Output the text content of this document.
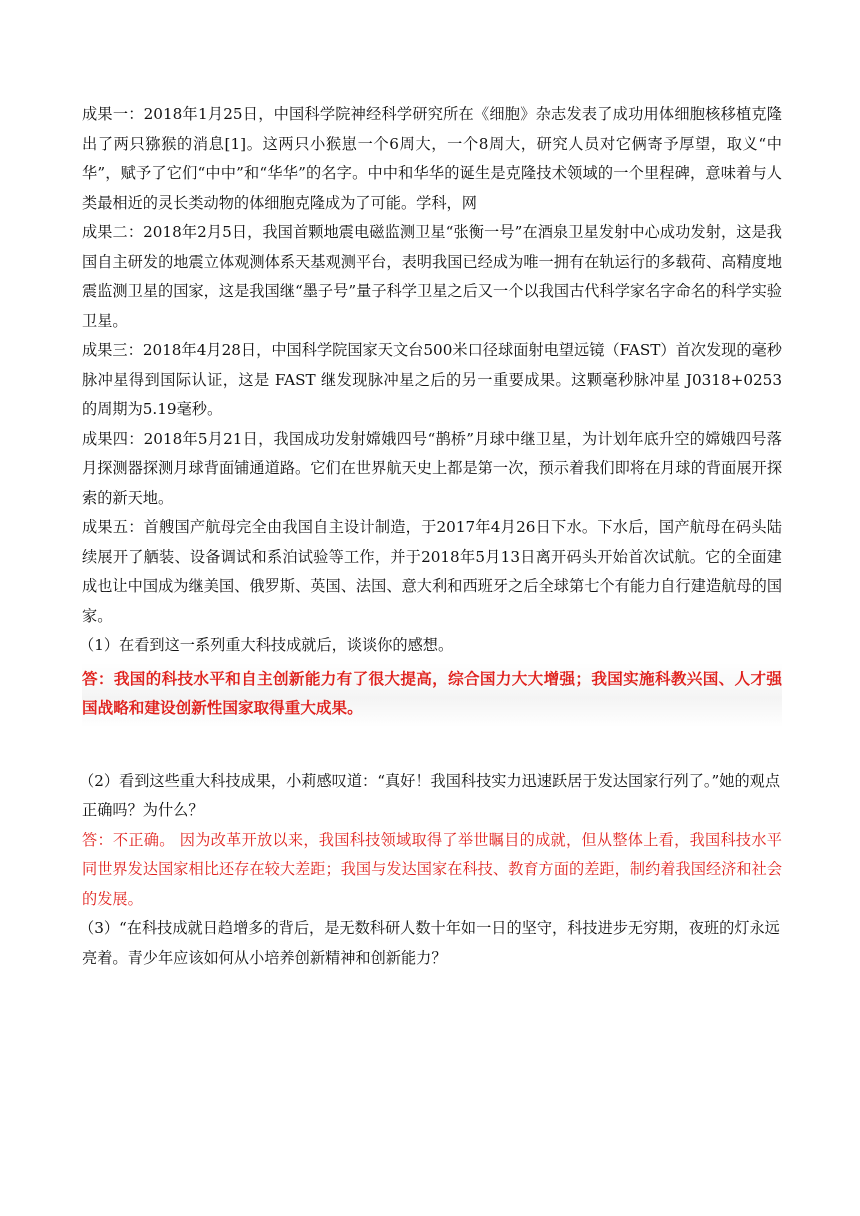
成果一：2018年1月25日，中国科学院神经科学研究所在《细胞》杂志发表了成功用体细胞核移植克隆出了两只猕猴的消息[1]。这两只小猴崽一个6周大，一个8周大，研究人员对它俩寄予厚望，取义“中华”，赋予了它们“中中”和“华华”的名字。中中和华华的诞生是克隆技术领域的一个里程碑，意味着与人类最相近的灵长类动物的体细胞克隆成为了可能。学科，网

成果二：2018年2月5日，我国首颗地震电磁监测卫星“张衡一号”在酒泉卫星发射中心成功发射，这是我国自主研发的地震立体观测体系天基观测平台，表明我国已经成为唯一拥有在轨运行的多载荷、高精度地震监测卫星的国家，这是我国继“墨子号”量子科学卫星之后又一个以我国古代科学家名字命名的科学实验卫星。

成果三：2018年4月28日，中国科学院国家天文台500米口径球面射电望远镜（FAST）首次发现的毫秒脉冲星得到国际认证，这是 FAST 继发现脉冲星之后的另一重要成果。这颗毫秒脉冲星 J0318+0253 的周期为5.19毫秒。

成果四：2018年5月21日，我国成功发射嫦娥四号“鹊桥”月球中继卫星，为计划年底升空的嫦娥四号落月探测器探测月球背面铺通道路。它们在世界航天史上都是第一次，预示着我们即将在月球的背面展开探索的新天地。

成果五：首艘国产航母完全由我国自主设计制造，于2017年4月26日下水。下水后，国产航母在码头陆续展开了舾装、设备调试和系泊试验等工作，并于2018年5月13日离开码头开始首次试航。它的全面建成也让中国成为继美国、俄罗斯、英国、法国、意大利和西班牙之后全球第七个有能力自行建造航母的国家。

（1）在看到这一系列重大科技成就后，谈谈你的感想。

答：我国的科技水平和自主创新能力有了很大提高，综合国力大大增强；我国实施科教兴国、人才强国战略和建设创新性国家取得重大成果。

（2）看到这些重大科技成果，小莉感叹道：“真好！我国科技实力迅速跃居于发达国家行列了。”她的观点正确吗？为什么？

答：不正确。 因为改革开放以来，我国科技领域取得了举世瞩目的成就，但从整体上看，我国科技水平同世界发达国家相比还存在较大差距；我国与发达国家在科技、教育方面的差距，制约着我国经济和社会的发展。

（3）“在科技成就日趋增多的背后，是无数科研人数十年如一日的坚守，科技进步无穷期，夜班的灯永远亮着。青少年应该如何从小培养创新精神和创新能力？
